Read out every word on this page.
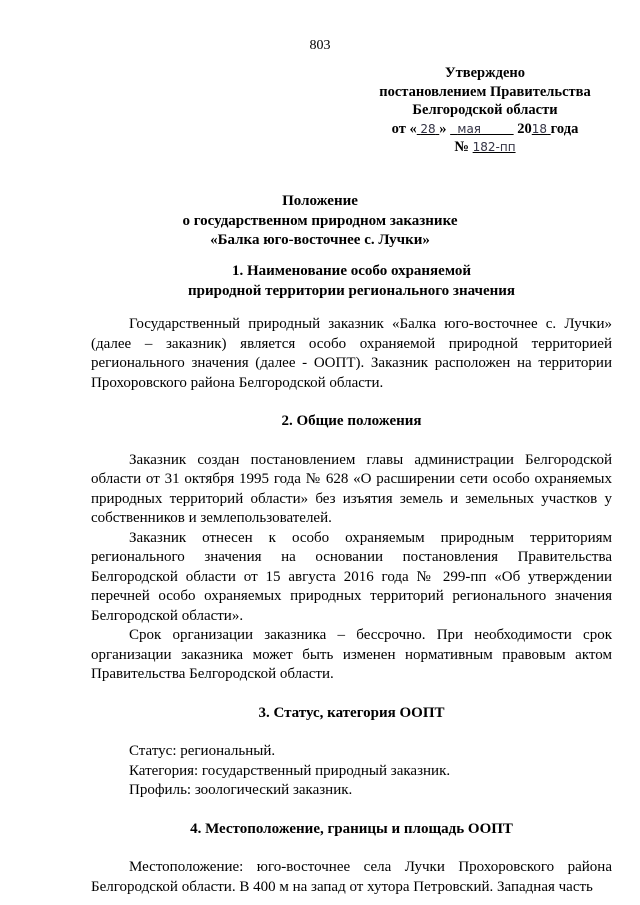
803
Утверждено
постановлением Правительства
Белгородской области
от « 28 » мая	2018 года
№ 182-пп
Положение
о государственном природном заказнике
«Балка юго-восточнее с. Лучки»

1. Наименование особо охраняемой

природной территории регионального значения

Государственный природный заказник «Балка юго-восточнее с. Лучки» (далее – заказник) является особо охраняемой природной территорией регионального значения (далее - ООПТ). Заказник расположен на территории Прохоровского района Белгородской области.

2. Общие положения

Заказник создан постановлением главы администрации Белгородской области от 31 октября 1995 года № 628 «О расширении сети особо охраняемых природных территорий области» без изъятия земель и земельных участков у собственников и землепользователей.

Заказник отнесен к особо охраняемым природным территориям регионального значения на основании постановления Правительства Белгородской области от 15 августа 2016 года № 299-пп «Об утверждении перечней особо охраняемых природных территорий регионального значения Белгородской области».

Срок организации заказника – бессрочно. При необходимости срок организации заказника может быть изменен нормативным правовым актом Правительства Белгородской области.

3. Статус, категория ООПТ

Статус: региональный.

Категория: государственный природный заказник.

Профиль: зоологический заказник.

4. Местоположение, границы и площадь ООПТ

Местоположение: юго-восточнее села Лучки Прохоровского района Белгородской области. В 400 м на запад от хутора Петровский. Западная часть
